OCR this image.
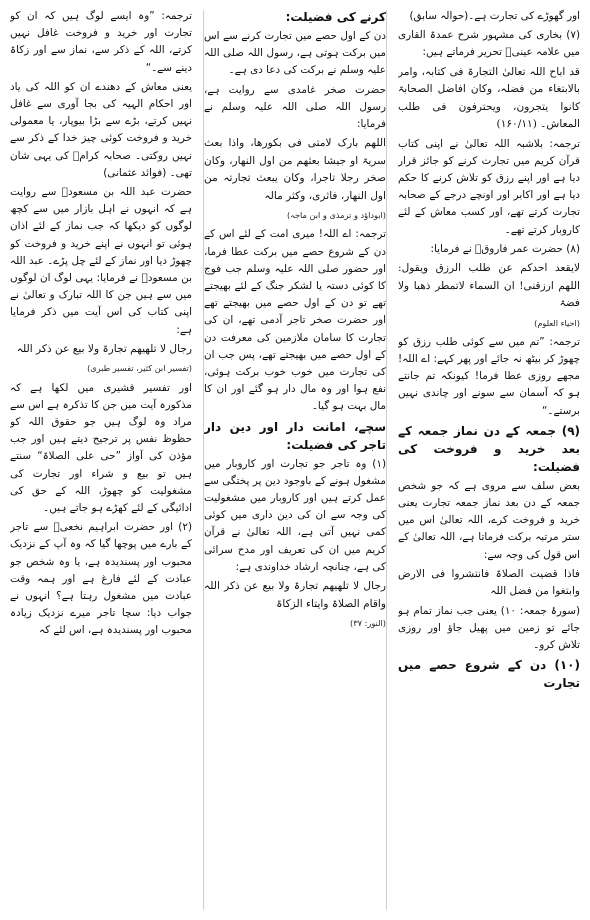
اور گھوڑے کی تجارت ہے۔(حوالہ سابق)

(۷) بخاری کی مشہور شرح عمدۃ القاری میں علامہ عینیؒ تحریر فرماتے ہیں:

قد اباح اللہ تعالیٰ التجارۃ فی کتابہ، وامر بالابتغاء من فضلہ، وکان افاضل الصحابۃ کانوا یتجرون، ویحترفون فی طلب المعاش۔ (۱۶۰/۱۱)

ترجمہ: بلاشبہ اللہ تعالیٰ نے اپنی کتاب قرآن کریم میں تجارت کرنے کو جائز قرار دیا ہے اور اپنے رزق کو تلاش کرنے کا حکم دیا ہے اور اکابر اور اونچے درجے کے صحابہ تجارت کرتے تھے، اور کسب معاش کے لئے کاروبار کرتے تھے۔

(۸) حضرت عمر فاروقؓ نے فرمایا:

لایقعد احدکم عن طلب الرزق ویقول: اللھم ارزقنی! ان السماء لاتمطر ذھبا ولا فضۃ

(احیاء العلوم)

ترجمہ: ”تم میں سے کوئی طلب رزق کو چھوڑ کر بیٹھ نہ جائے اور پھر کہے: اے اللہ! مجھے روزی عطا فرما! کیونکہ تم جانتے ہو کہ آسمان سے سونے اور چاندی نہیں برستے۔“

(۹) جمعہ کے دن نماز جمعہ کے بعد خرید و فروخت کی فضیلت:

بعض سلف سے مروی ہے کہ جو شخص جمعہ کے دن بعد نماز جمعہ تجارت یعنی خرید و فروخت کرے، اللہ تعالیٰ اس میں ستر مرتبہ برکت فرماتا ہے، اللہ تعالیٰ کے اس قول کی وجہ سے:

فاذا قضیت الصلاۃ فانتشروا فی الارض وابتغوا من فضل اللہ

(سورۂ جمعہ: ۱۰) یعنی جب نماز تمام ہو جائے تو زمین میں پھیل جاؤ اور روزی تلاش کرو۔

(۱۰) دن کے شروع حصے میں تجارت

کرنے کی فضیلت:

دن کے اول حصے میں تجارت کرنے سے اس میں برکت ہوتی ہے، رسول اللہ صلی اللہ علیہ وسلم نے برکت کی دعا دی ہے۔

حضرت صخر غامدی سے روایت ہے، رسول اللہ صلی اللہ علیہ وسلم نے فرمایا:

اللھم بارک لامتی فی بکورھا، واذا بعث سریۃ او جیشا بعثھم من اول النھار، وکان صخر رجلا تاجرا، وکان یبعث تجارتہ من اول النھار، فاثری، وکثر مالہ

(ابوداؤد و ترمذی و ابن ماجہ)

ترجمہ: اے اللہ! میری امت کے لئے اس کے دن کے شروع حصے میں برکت عطا فرما، اور حضور صلی اللہ علیہ وسلم جب فوج کا کوئی دستہ یا لشکر جنگ کے لئے بھیجتے تھے تو دن کے اول حصے میں بھیجتے تھے اور حضرت صخر تاجر آدمی تھے، ان کی تجارت کا سامان ملازمین کی معرفت دن کے اول حصے میں بھیجتے تھے، پس جب ان کی تجارت میں خوب خوب برکت ہوئی، نفع ہوا اور وہ مال دار ہو گئے اور ان کا مال بہت ہو گیا۔

سچے، امانت دار اور دین دار تاجر کی فضیلت:

(۱) وہ تاجر جو تجارت اور کاروبار میں مشغول ہونے کے باوجود دین پر پختگی سے عمل کرتے ہیں اور کاروبار میں مشغولیت کی وجہ سے ان کی دین داری میں کوئی کمی نہیں آتی ہے، اللہ تعالیٰ نے قرآن کریم میں ان کی تعریف اور مدح سرائی کی ہے، چنانچہ ارشاد خداوندی ہے:

رجال لا تلھیھم تجارۃ ولا بیع عن ذکر اللہ واقام الصلاۃ وایتاء الزکاۃ

(النور: ۳۷)

ترجمہ: ”وہ ایسے لوگ ہیں کہ ان کو تجارت اور خرید و فروخت غافل نہیں کرتے، اللہ کے ذکر سے، نماز سے اور زکاۃ دینے سے۔“

یعنی معاش کے دھندے ان کو اللہ کی یاد اور احکام الہیہ کی بجا آوری سے غافل نہیں کرتے، بڑے سے بڑا بیوپار، یا معمولی خرید و فروخت کوئی چیز خدا کے ذکر سے نہیں روکتی۔ صحابہ کرامؓ کی یہی شان تھی۔ (فوائد عثمانی)

حضرت عبد اللہ بن مسعودؓ سے روایت ہے کہ انہوں نے اہل بازار میں سے کچھ لوگوں کو دیکھا کہ جب نماز کے لئے اذان ہوئی تو انہوں نے اپنے خرید و فروخت کو چھوڑ دیا اور نماز کے لئے چل پڑے۔ عبد اللہ بن مسعودؓ نے فرمایا: یہی لوگ ان لوگوں میں سے ہیں جن کا اللہ تبارک و تعالیٰ نے اپنی کتاب کی اس آیت میں ذکر فرمایا ہے:

رجال لا تلھیھم تجارۃ ولا بیع عن ذکر اللہ

(تفسیر ابن کثیر، تفسیر طبری)

اور تفسیر قشیری میں لکھا ہے کہ مذکورہ آیت میں جن کا تذکرہ ہے اس سے مراد وہ لوگ ہیں جو حقوق اللہ کو حظوظ نفس پر ترجیح دیتے ہیں اور جب مؤذن کی آواز ”حی علی الصلاۃ“ سنتے ہیں تو بیع و شراء اور تجارت کی مشغولیت کو چھوڑ، اللہ کے حق کی ادائیگی کے لئے کھڑے ہو جاتے ہیں۔

(۲) اور حضرت ابراہیم نخعیؒ سے تاجر کے بارے میں پوچھا گیا کہ وہ آپ کے نزدیک محبوب اور پسندیدہ ہے، یا وہ شخص جو عبادت کے لئے فارغ ہے اور ہمہ وقت عبادت میں مشغول رہتا ہے؟ انہوں نے جواب دیا: سچا تاجر میرے نزدیک زیادہ محبوب اور پسندیدہ ہے، اس لئے کہ
